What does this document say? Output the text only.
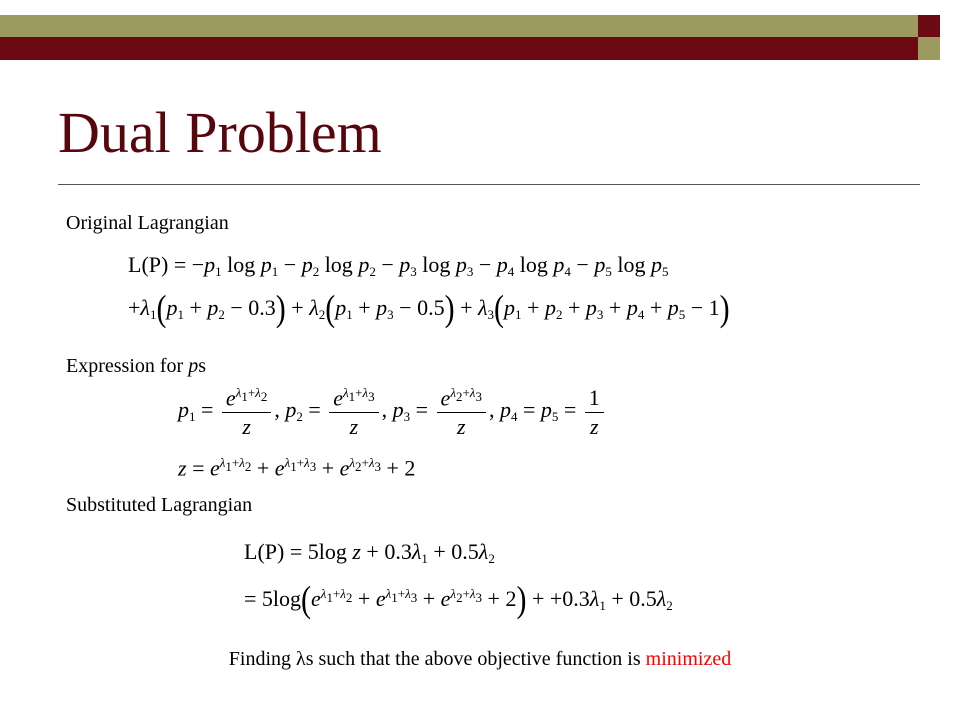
Dual Problem
Original Lagrangian
$L(P) = -p_1$ $\log p_1 - p_2$ $\log p_2 - p_3$ $\log p_3 - p_4$ $\log p_4 - p_5$ $\log p_5$
$+\lambda_1(p_1 + p_2 - 0.3) + \lambda_2(p_1 + p_3 - 0.5) + \lambda_3(p_1 + p_2 + p_3 + p_4 + p_5 - 1)$
Expression for ps
$p_1 = \frac{e^{\lambda_1+\lambda_2}}{z}$ , $p_2 = \frac{e^{\lambda_1+\lambda_3}}{z}$ , $p_3 = \frac{e^{\lambda_2+\lambda_3}}{z}$ , $p_4 = p_5 = \frac{1}{z}$
$z = e^{\lambda_1+\lambda_2} + e^{\lambda_1+\lambda_3} + e^{\lambda_2+\lambda_3} + 2$
Substituted Lagrangian
L(P) = 5log $z + 0.3\lambda_1 + 0.5\lambda_2$
= $5\log(e^{\lambda_1+\lambda_2} + e^{\lambda_1+\lambda_3} + e^{\lambda_2+\lambda_3} + 2) + +0.3\lambda_1 + 0.5\lambda_2$
Finding λs such that the above objective function is minimized
